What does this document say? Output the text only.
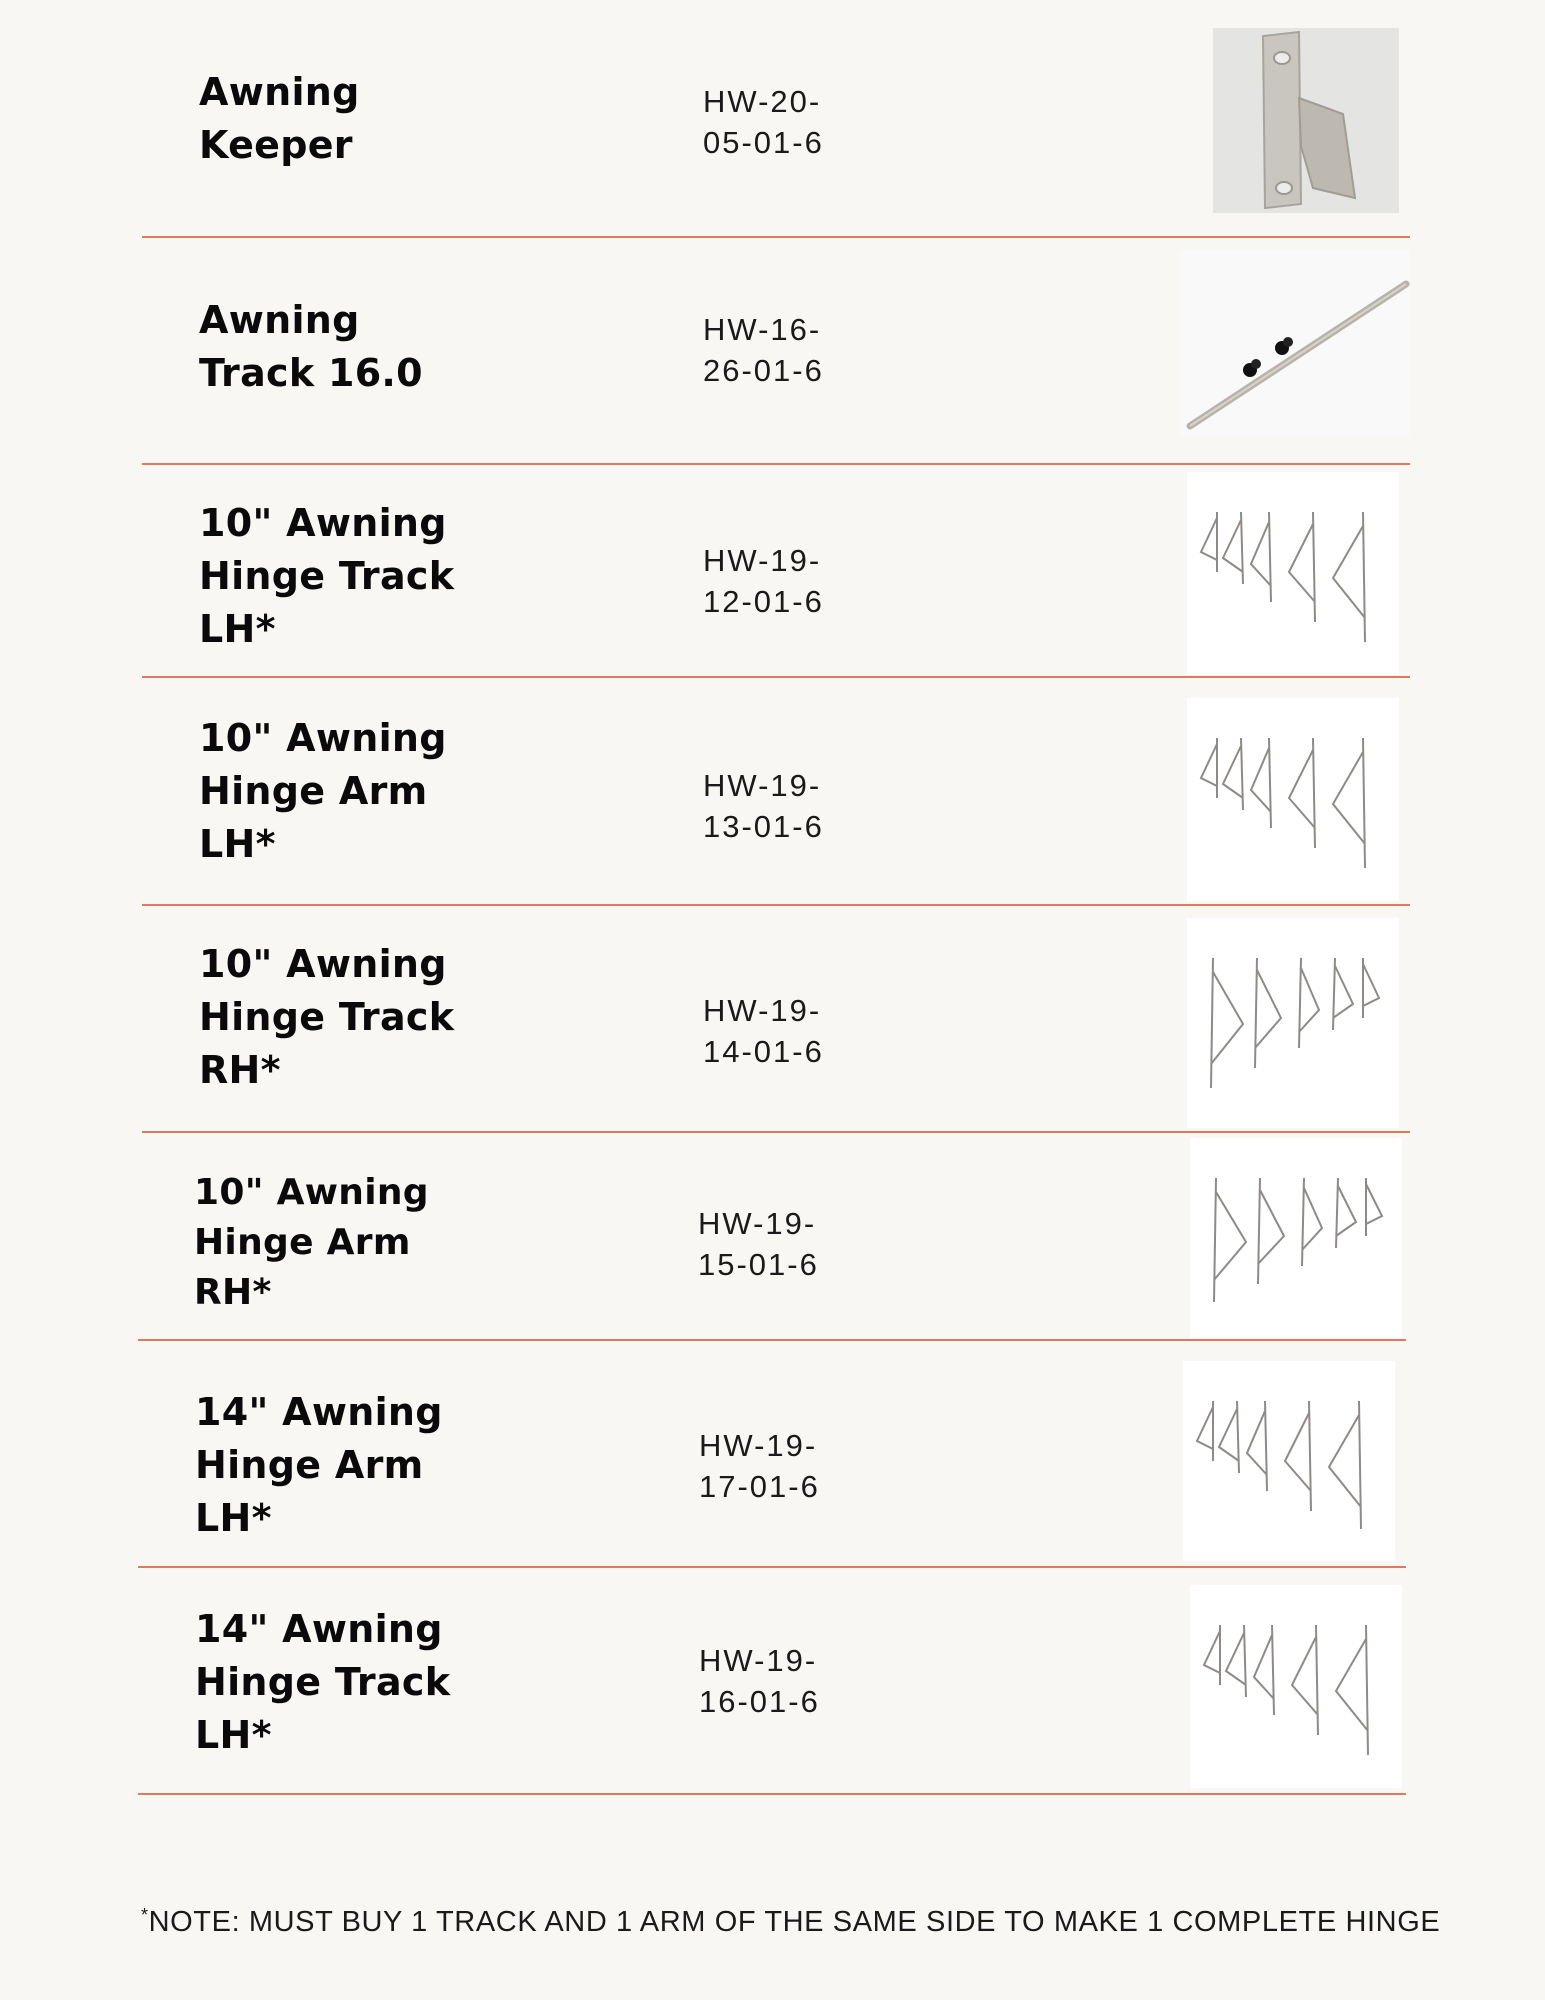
Awning
Keeper
HW-20-
05-01-6
Awning
Track 16.0
HW-16-
26-01-6
10" Awning
Hinge Track
LH*
HW-19-
12-01-6
10" Awning
Hinge Arm
LH*
HW-19-
13-01-6
10" Awning
Hinge Track
RH*
HW-19-
14-01-6
10" Awning
Hinge Arm
RH*
HW-19-
15-01-6
14" Awning
Hinge Arm
LH*
HW-19-
17-01-6
14" Awning
Hinge Track
LH*
HW-19-
16-01-6
*NOTE: MUST BUY 1 TRACK AND 1 ARM OF THE SAME SIDE TO MAKE 1 COMPLETE HINGE
